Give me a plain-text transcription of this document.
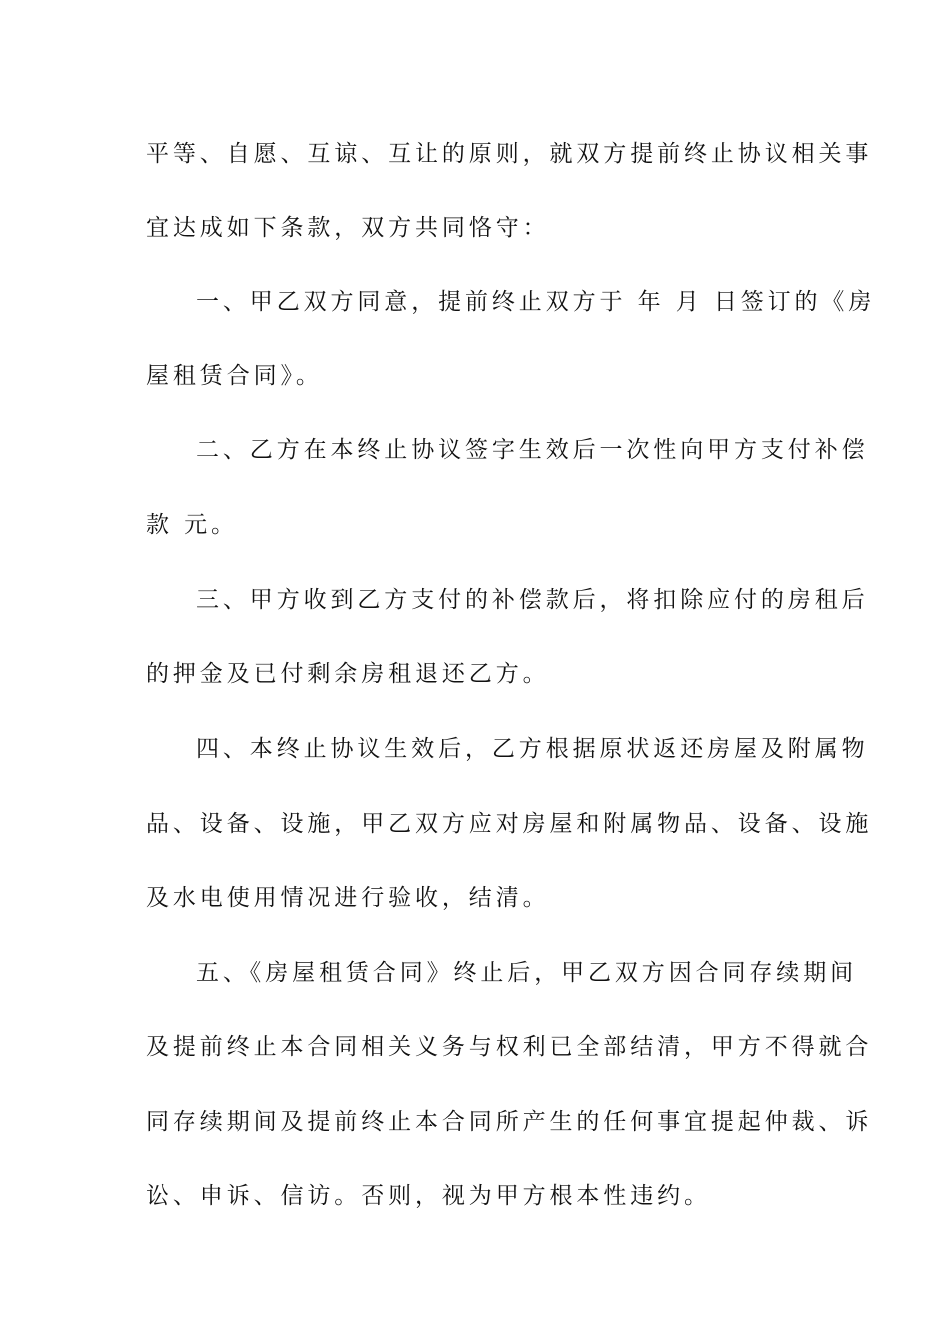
平等、自愿、互谅、互让的原则，就双方提前终止协议相关事
宜达成如下条款，双方共同恪守：
一、甲乙双方同意，提前终止双方于 年 月 日签订的《房
屋租赁合同》。
二、乙方在本终止协议签字生效后一次性向甲方支付补偿
款 元。
三、甲方收到乙方支付的补偿款后，将扣除应付的房租后
的押金及已付剩余房租退还乙方。
四、本终止协议生效后，乙方根据原状返还房屋及附属物
品、设备、设施，甲乙双方应对房屋和附属物品、设备、设施
及水电使用情况进行验收，结清。
五、《房屋租赁合同》终止后，甲乙双方因合同存续期间
及提前终止本合同相关义务与权利已全部结清，甲方不得就合
同存续期间及提前终止本合同所产生的任何事宜提起仲裁、诉
讼、申诉、信访。否则，视为甲方根本性违约。
